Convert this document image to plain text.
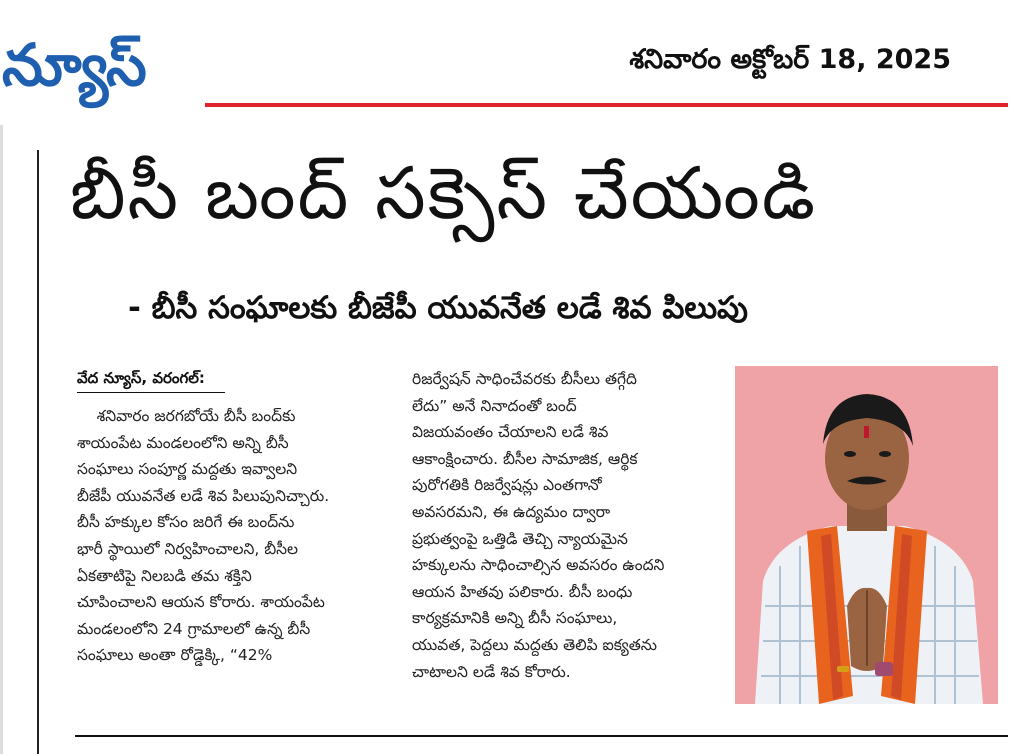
న్యూస్	శనివారం అక్టోబర్ 18, 2025
బీసీ బంద్ సక్సెస్ చేయండి
- బీసీ సంఘాలకు బీజేపీ యువనేత లడే శివ పిలుపు
వేద న్యూస్, వరంగల్:
శనివారం జరగబోయే బీసీ బంద్‌కు
శాయంపేట మండలంలోని అన్ని బీసీ
సంఘాలు సంపూర్ణ మద్దతు ఇవ్వాలని
బీజేపీ యువనేత లడే శివ పిలుపునిచ్చారు.
బీసీ హక్కుల కోసం జరిగే ఈ బంద్‌ను
భారీ స్థాయిలో నిర్వహించాలని, బీసీల
ఏకతాటిపై నిలబడి తమ శక్తిని
చూపించాలని ఆయన కోరారు. శాయంపేట
మండలంలోని 24 గ్రామాలలో ఉన్న బీసీ
సంఘాలు అంతా రోడ్డెక్కి, “42%
రిజర్వేషన్ సాధించేవరకు బీసీలు తగ్గేది
లేదు” అనే నినాదంతో బంద్
విజయవంతం చేయాలని లడే శివ
ఆకాంక్షించారు. బీసీల సామాజిక, ఆర్థిక
పురోగతికి రిజర్వేషన్లు ఎంతగానో
అవసరమని, ఈ ఉద్యమం ద్వారా
ప్రభుత్వంపై ఒత్తిడి తెచ్చి న్యాయమైన
హక్కులను సాధించాల్సిన అవసరం ఉందని
ఆయన హితవు పలికారు. బీసీ బంధు
కార్యక్రమానికి అన్ని బీసీ సంఘాలు,
యువత, పెద్దలు మద్దతు తెలిపి ఐక్యతను
చాటాలని లడే శివ కోరారు.
